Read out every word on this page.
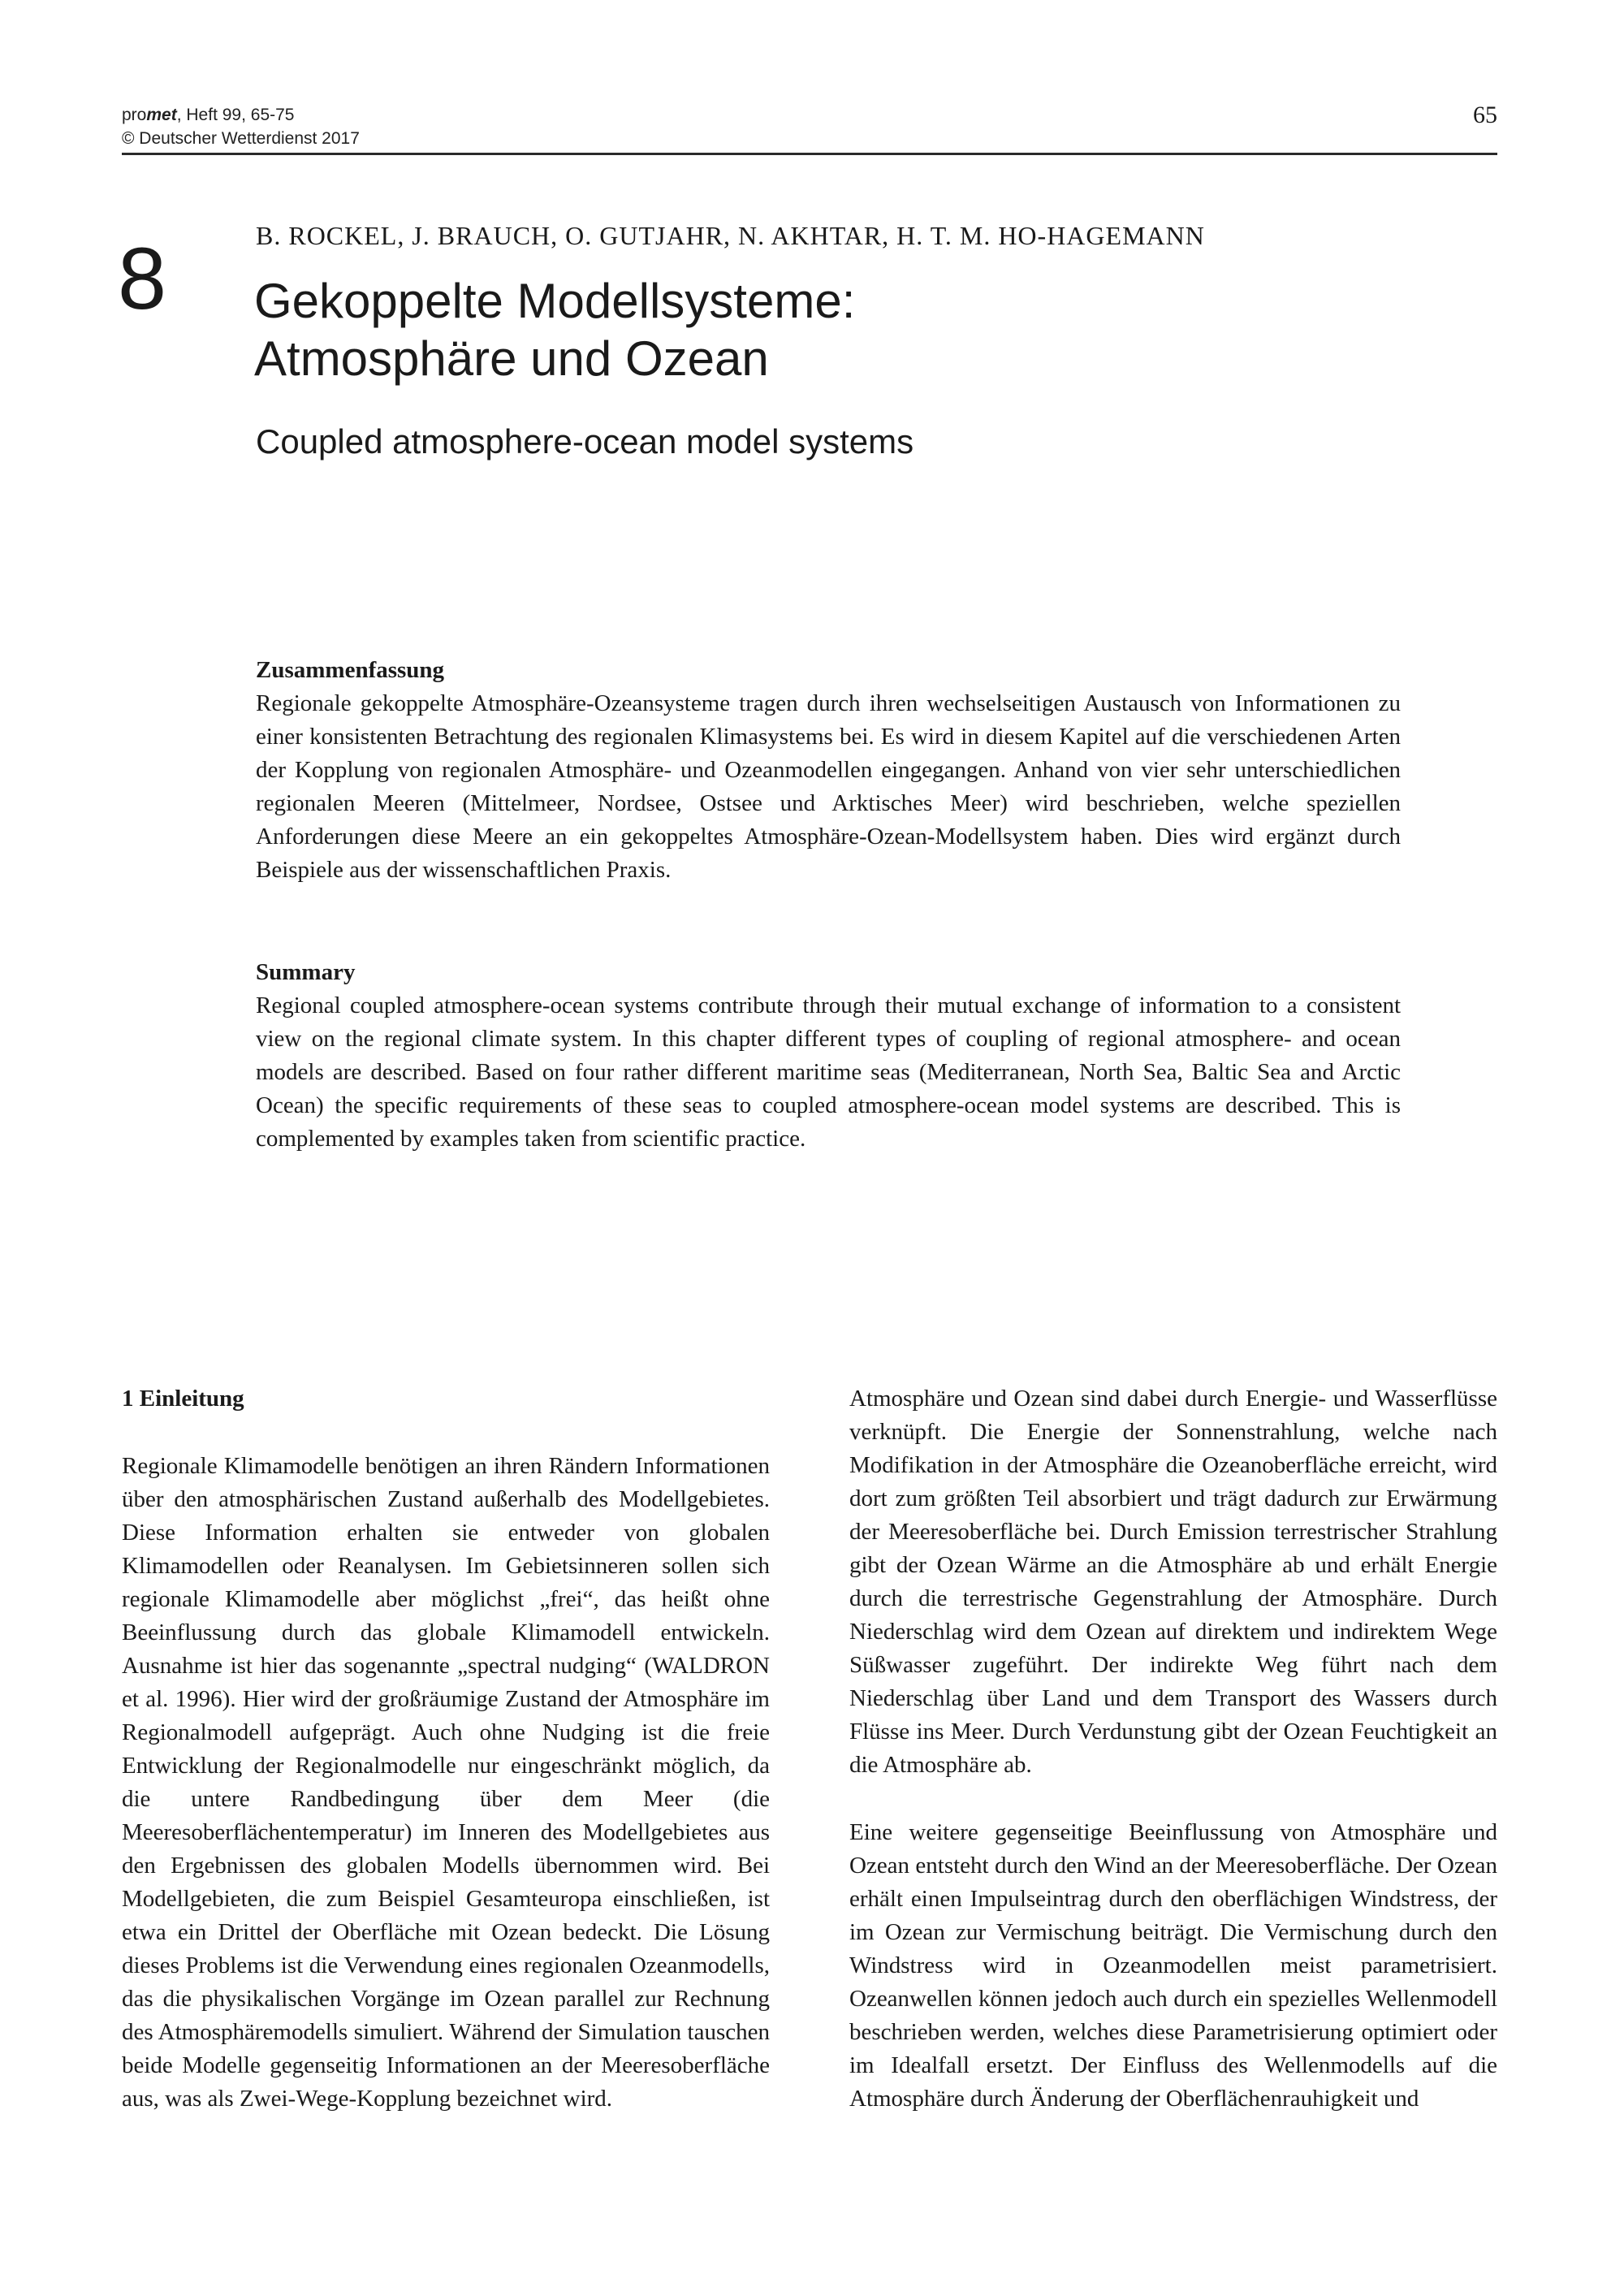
promet, Heft 99, 65-75
© Deutscher Wetterdienst 2017
65
8	B. ROCKEL, J. BRAUCH, O. GUTJAHR, N. AKHTAR, H. T. M. HO-HAGEMANN
Gekoppelte Modellsysteme:
Atmosphäre und Ozean
Coupled atmosphere-ocean model systems
Zusammenfassung

Regionale gekoppelte Atmosphäre-Ozeansysteme tragen durch ihren wechselseitigen Austausch von Informationen zu einer konsistenten Betrachtung des regionalen Klimasystems bei. Es wird in diesem Kapitel auf die verschiedenen Arten der Kopplung von regionalen Atmosphäre- und Ozeanmodellen eingegangen. Anhand von vier sehr unterschiedlichen regionalen Meeren (Mittelmeer, Nordsee, Ostsee und Arktisches Meer) wird beschrieben, welche speziellen Anforderungen diese Meere an ein gekoppeltes Atmosphäre-Ozean-Modellsystem haben. Dies wird ergänzt durch Beispiele aus der wissenschaftlichen Praxis.

Summary

Regional coupled atmosphere-ocean systems contribute through their mutual exchange of information to a consistent view on the regional climate system. In this chapter different types of coupling of regional atmosphere- and ocean models are described. Based on four rather different maritime seas (Mediterranean, North Sea, Baltic Sea and Arctic Ocean) the specific requirements of these seas to coupled atmosphere-ocean model systems are described. This is complemented by examples taken from scientific practice.

1 Einleitung

Regionale Klimamodelle benötigen an ihren Rändern Informationen über den atmosphärischen Zustand außerhalb des Modellgebietes. Diese Information erhalten sie entweder von globalen Klimamodellen oder Reanalysen. Im Gebietsinneren sollen sich regionale Klimamodelle aber möglichst „frei“, das heißt ohne Beeinflussung durch das globale Klimamodell entwickeln. Ausnahme ist hier das sogenannte „spectral nudging“ (WALDRON et al. 1996). Hier wird der großräumige Zustand der Atmosphäre im Regionalmodell aufgeprägt. Auch ohne Nudging ist die freie Entwicklung der Regionalmodelle nur eingeschränkt möglich, da die untere Randbedingung über dem Meer (die Meeresoberflächentemperatur) im Inneren des Modellgebietes aus den Ergebnissen des globalen Modells übernommen wird. Bei Modellgebieten, die zum Beispiel Gesamteuropa einschließen, ist etwa ein Drittel der Oberfläche mit Ozean bedeckt. Die Lösung dieses Problems ist die Verwendung eines regionalen Ozeanmodells, das die physikalischen Vorgänge im Ozean parallel zur Rechnung des Atmosphäremodells simuliert. Während der Simulation tauschen beide Modelle gegenseitig Informationen an der Meeresoberfläche aus, was als Zwei-Wege-Kopplung bezeichnet wird.

Atmosphäre und Ozean sind dabei durch Energie- und Wasserflüsse verknüpft. Die Energie der Sonnenstrahlung, welche nach Modifikation in der Atmosphäre die Ozeanoberfläche erreicht, wird dort zum größten Teil absorbiert und trägt dadurch zur Erwärmung der Meeresoberfläche bei. Durch Emission terrestrischer Strahlung gibt der Ozean Wärme an die Atmosphäre ab und erhält Energie durch die terrestrische Gegenstrahlung der Atmosphäre. Durch Niederschlag wird dem Ozean auf direktem und indirektem Wege Süßwasser zugeführt. Der indirekte Weg führt nach dem Niederschlag über Land und dem Transport des Wassers durch Flüsse ins Meer. Durch Verdunstung gibt der Ozean Feuchtigkeit an die Atmosphäre ab.

Eine weitere gegenseitige Beeinflussung von Atmosphäre und Ozean entsteht durch den Wind an der Meeresoberfläche. Der Ozean erhält einen Impulseintrag durch den oberflächigen Windstress, der im Ozean zur Vermischung beiträgt. Die Vermischung durch den Windstress wird in Ozeanmodellen meist parametrisiert. Ozeanwellen können jedoch auch durch ein spezielles Wellenmodell beschrieben werden, welches diese Parametrisierung optimiert oder im Idealfall ersetzt. Der Einfluss des Wellenmodells auf die Atmosphäre durch Änderung der Oberflächenrauhigkeit und
